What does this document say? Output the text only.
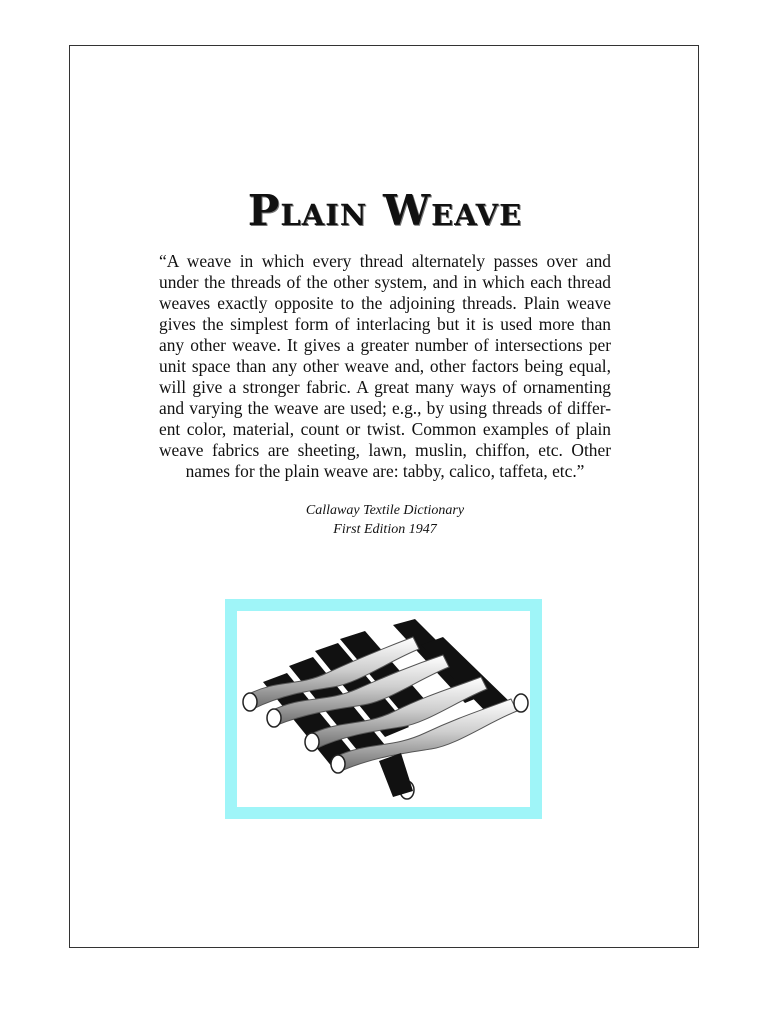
Plain Weave

“A weave in which every thread alternately passes over and under the threads of the other system, and in which each thread weaves exactly opposite to the adjoining threads. Plain weave gives the simplest form of interlacing but it is used more than any other weave. It gives a greater number of intersections per unit space than any other weave and, other factors being equal, will give a stronger fabric. A great many ways of ornamenting and varying the weave are used; e.g., by using threads of differ-ent color, material, count or twist. Common examples of plain weave fabrics are sheeting, lawn, muslin, chiffon, etc. Other names for the plain weave are: tabby, calico, taffeta, etc.”

Callaway Textile Dictionary
First Edition 1947
